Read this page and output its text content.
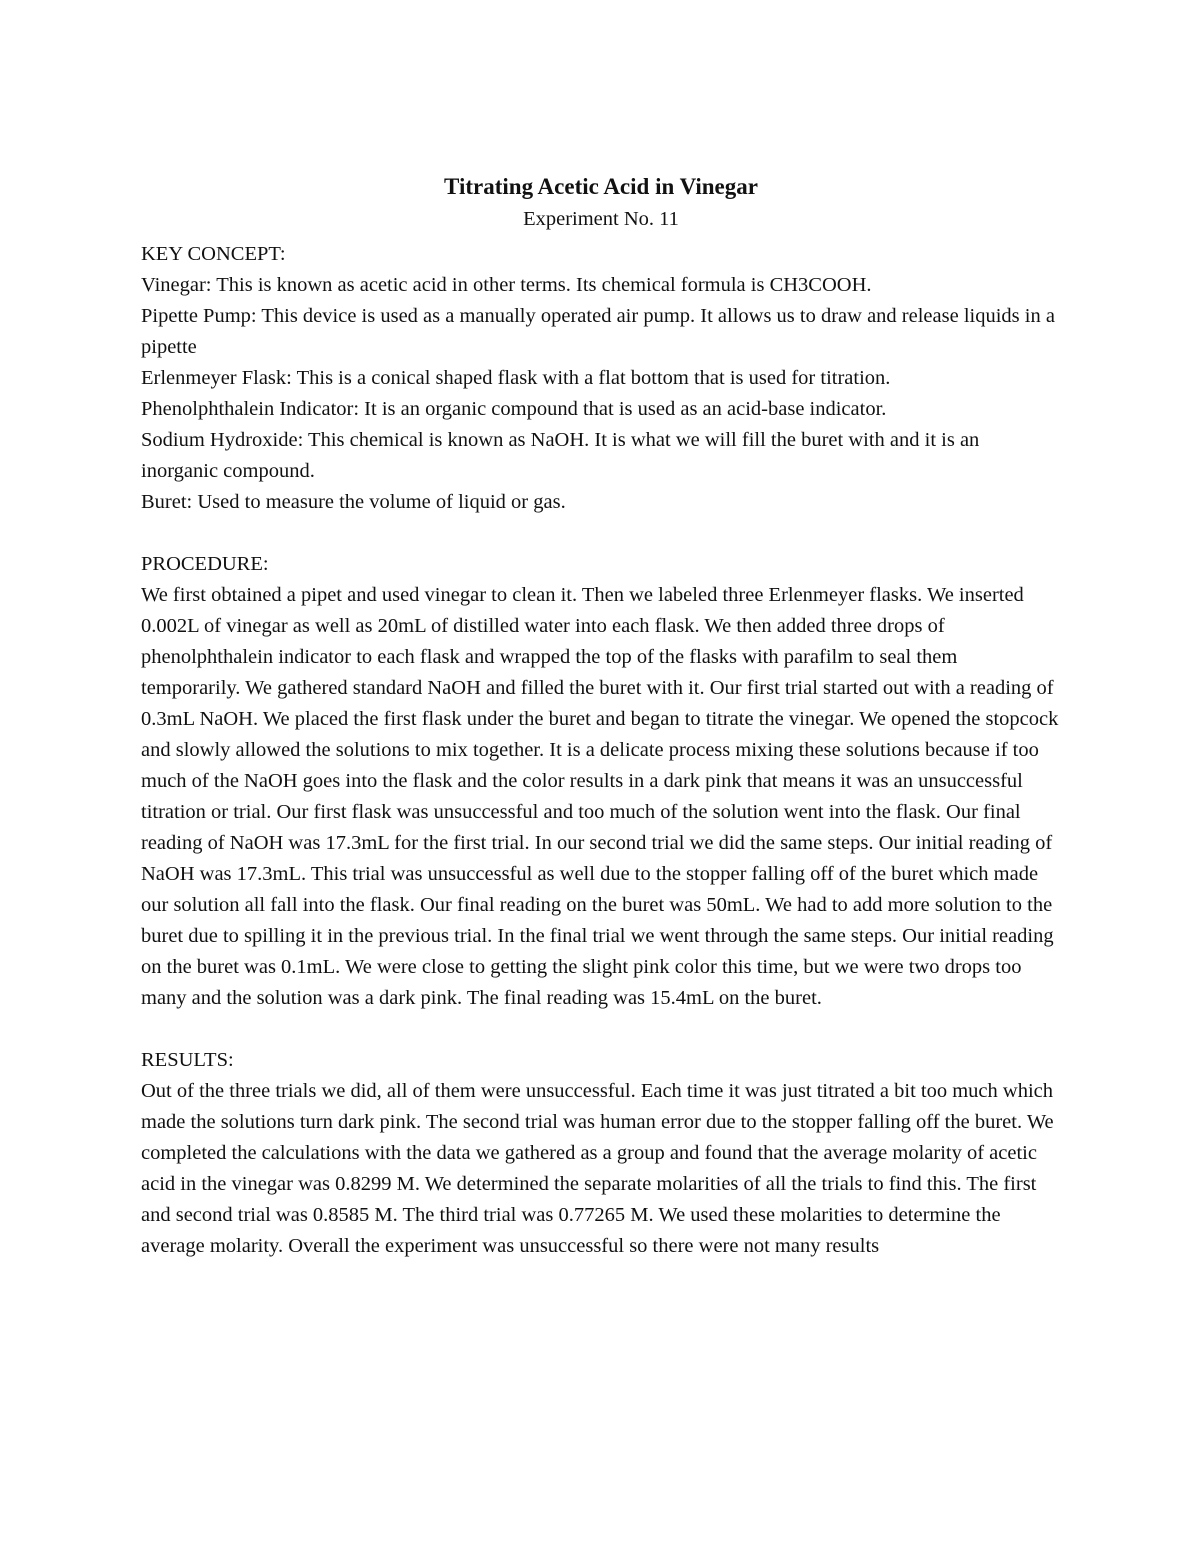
Titrating Acetic Acid in Vinegar

Experiment No. 11

KEY CONCEPT:

Vinegar: This is known as acetic acid in other terms. Its chemical formula is CH3COOH.

Pipette Pump: This device is used as a manually operated air pump. It allows us to draw and release liquids in a pipette

Erlenmeyer Flask: This is a conical shaped flask with a flat bottom that is used for titration.

Phenolphthalein Indicator: It is an organic compound that is used as an acid-base indicator.

Sodium Hydroxide: This chemical is known as NaOH. It is what we will fill the buret with and it is an inorganic compound.

Buret: Used to measure the volume of liquid or gas.

PROCEDURE:

We first obtained a pipet and used vinegar to clean it. Then we labeled three Erlenmeyer flasks. We inserted 0.002L of vinegar as well as 20mL of distilled water into each flask. We then added three drops of phenolphthalein indicator to each flask and wrapped the top of the flasks with parafilm to seal them temporarily. We gathered standard NaOH and filled the buret with it. Our first trial started out with a reading of 0.3mL NaOH. We placed the first flask under the buret and began to titrate the vinegar. We opened the stopcock and slowly allowed the solutions to mix together. It is a delicate process mixing these solutions because if too much of the NaOH goes into the flask and the color results in a dark pink that means it was an unsuccessful titration or trial. Our first flask was unsuccessful and too much of the solution went into the flask. Our final reading of NaOH was 17.3mL for the first trial. In our second trial we did the same steps. Our initial reading of NaOH was 17.3mL. This trial was unsuccessful as well due to the stopper falling off of the buret which made our solution all fall into the flask. Our final reading on the buret was 50mL. We had to add more solution to the buret due to spilling it in the previous trial. In the final trial we went through the same steps. Our initial reading on the buret was 0.1mL. We were close to getting the slight pink color this time, but we were two drops too many and the solution was a dark pink. The final reading was 15.4mL on the buret.

RESULTS:

Out of the three trials we did, all of them were unsuccessful. Each time it was just titrated a bit too much which made the solutions turn dark pink. The second trial was human error due to the stopper falling off the buret. We completed the calculations with the data we gathered as a group and found that the average molarity of acetic acid in the vinegar was 0.8299 M. We determined the separate molarities of all the trials to find this. The first and second trial was 0.8585 M. The third trial was 0.77265 M. We used these molarities to determine the average molarity. Overall the experiment was unsuccessful so there were not many results
